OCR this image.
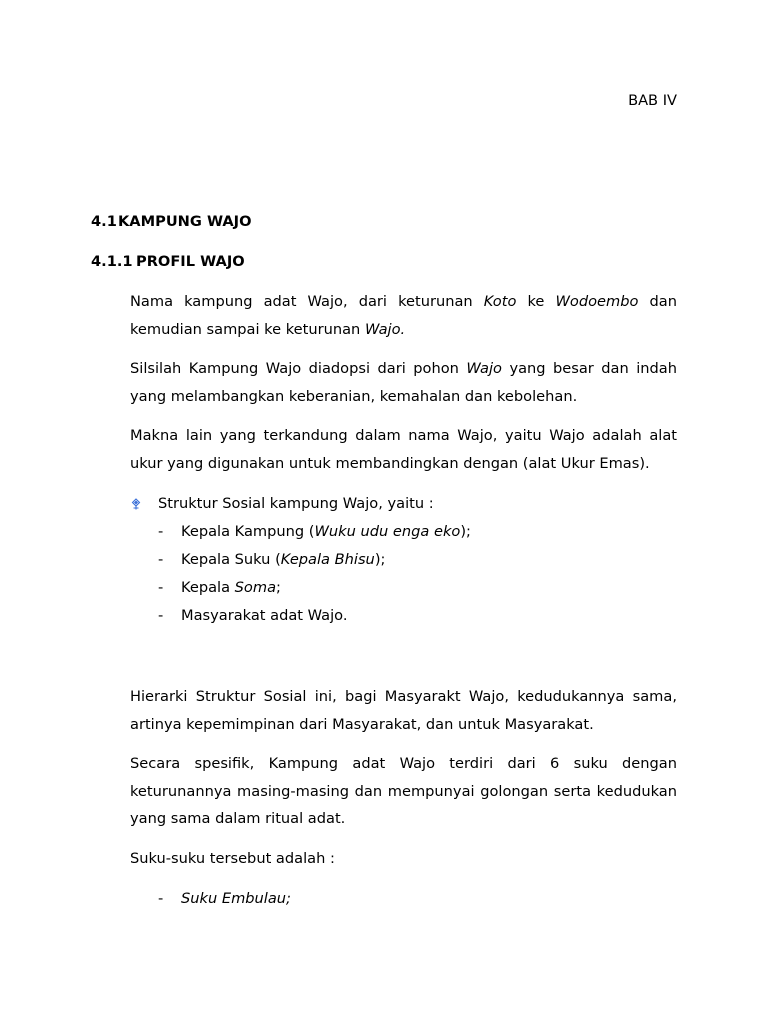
BAB IV
4.1KAMPUNG WAJO
4.1.1 PROFIL WAJO

Nama kampung adat Wajo, dari keturunan Koto ke Wodoembo dan kemudian sampai ke keturunan Wajo.

Silsilah Kampung Wajo diadopsi dari pohon Wajo yang besar dan indah yang melambangkan keberanian, kemahalan dan kebolehan.

Makna lain yang terkandung dalam nama Wajo, yaitu Wajo adalah alat ukur yang digunakan untuk membandingkan dengan (alat Ukur Emas).

Struktur Sosial kampung Wajo, yaitu :
- Kepala Kampung (Wuku udu enga eko);
- Kepala Suku (Kepala Bhisu);
- Kepala Soma;
- Masyarakat adat Wajo.

Hierarki Struktur Sosial ini, bagi Masyarakt Wajo, kedudukannya sama, artinya kepemimpinan dari Masyarakat, dan untuk Masyarakat.

Secara spesifik, Kampung adat Wajo terdiri dari 6 suku dengan keturunannya masing-masing dan mempunyai golongan serta kedudukan yang sama dalam ritual adat.

Suku-suku tersebut adalah :

- Suku Embulau;
